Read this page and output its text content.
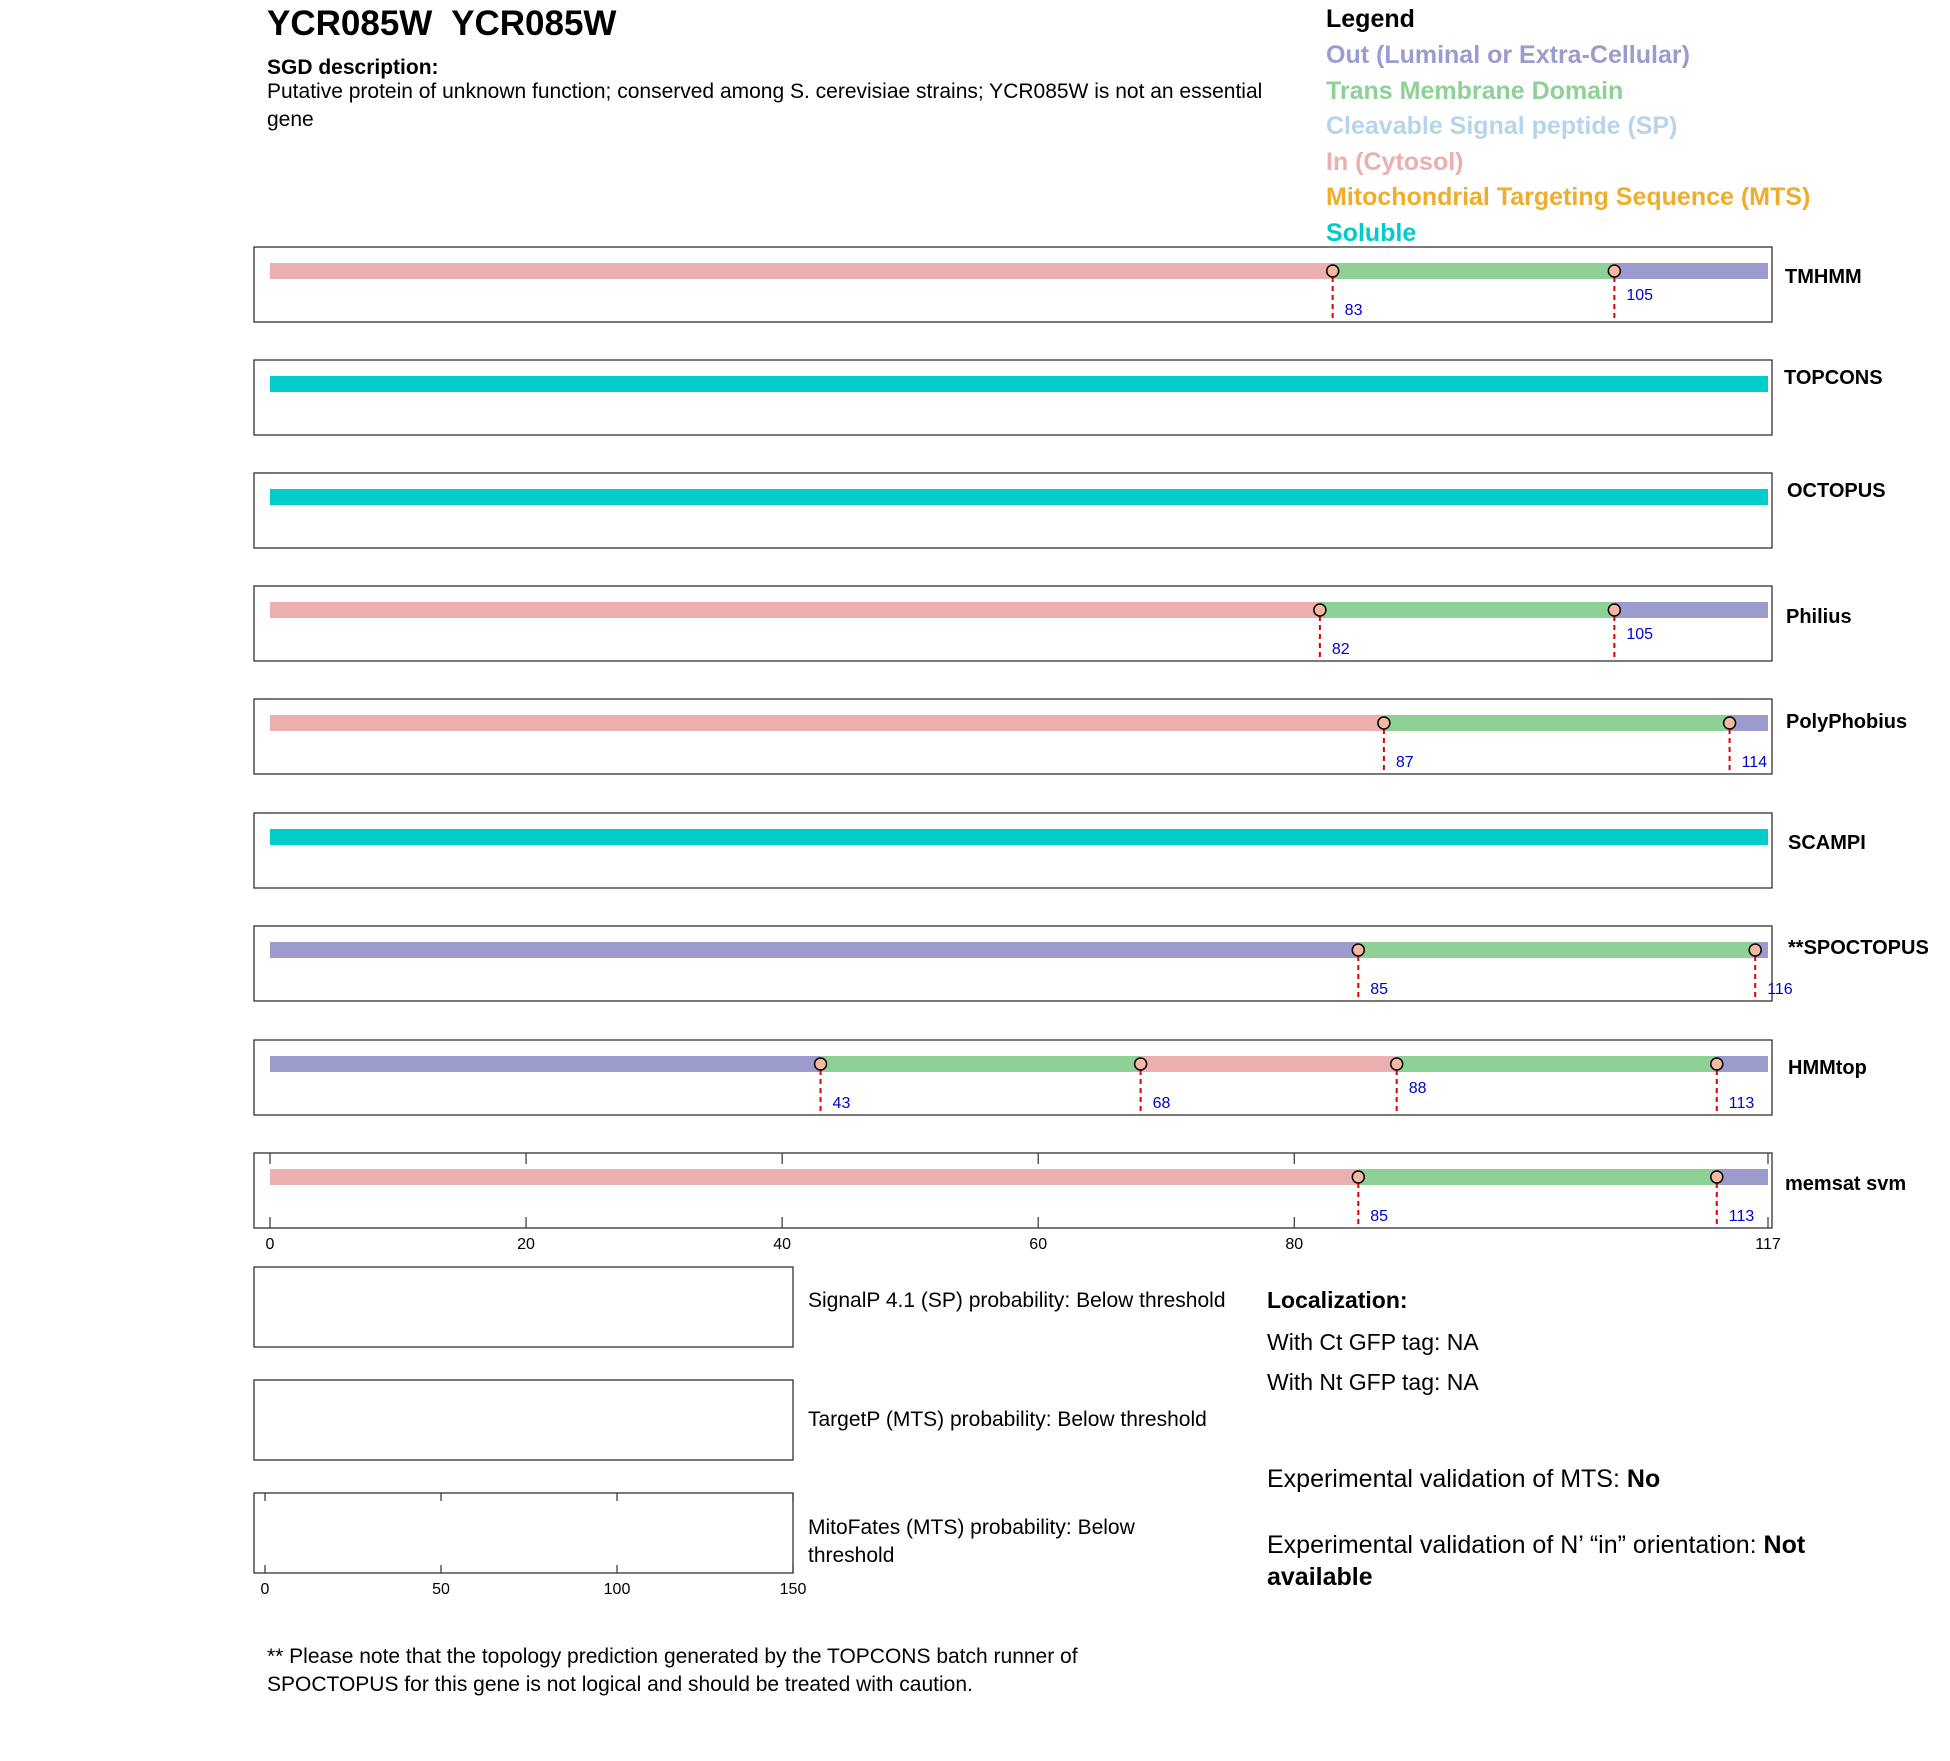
YCR085W  YCR085W
SGD description:
Putative protein of unknown function; conserved among S. cerevisiae strains; YCR085W is not an essential gene
Legend
Out (Luminal or Extra-Cellular)
Trans Membrane Domain
Cleavable Signal peptide (SP)
In (Cytosol)
Mitochondrial Targeting Sequence (MTS)
Soluble
83
105
TMHMM
TOPCONS
OCTOPUS
82
105
Philius
87	114
PolyPhobius
SCAMPI
85	116
**SPOCTOPUS
43	68
88
113
HMMtop
85	113
memsat svm
0	20	40	60	80	117
0	50	100	150
SignalP 4.1 (SP) probability: Below threshold
TargetP (MTS) probability: Below threshold
MitoFates (MTS) probability: Below threshold
Localization:
With Ct GFP tag: NA
With Nt GFP tag: NA
Experimental validation of MTS: No
Experimental validation of N’ “in” orientation: Not available
** Please note that the topology prediction generated by the TOPCONS batch runner of SPOCTOPUS for this gene is not logical and should be treated with caution.
